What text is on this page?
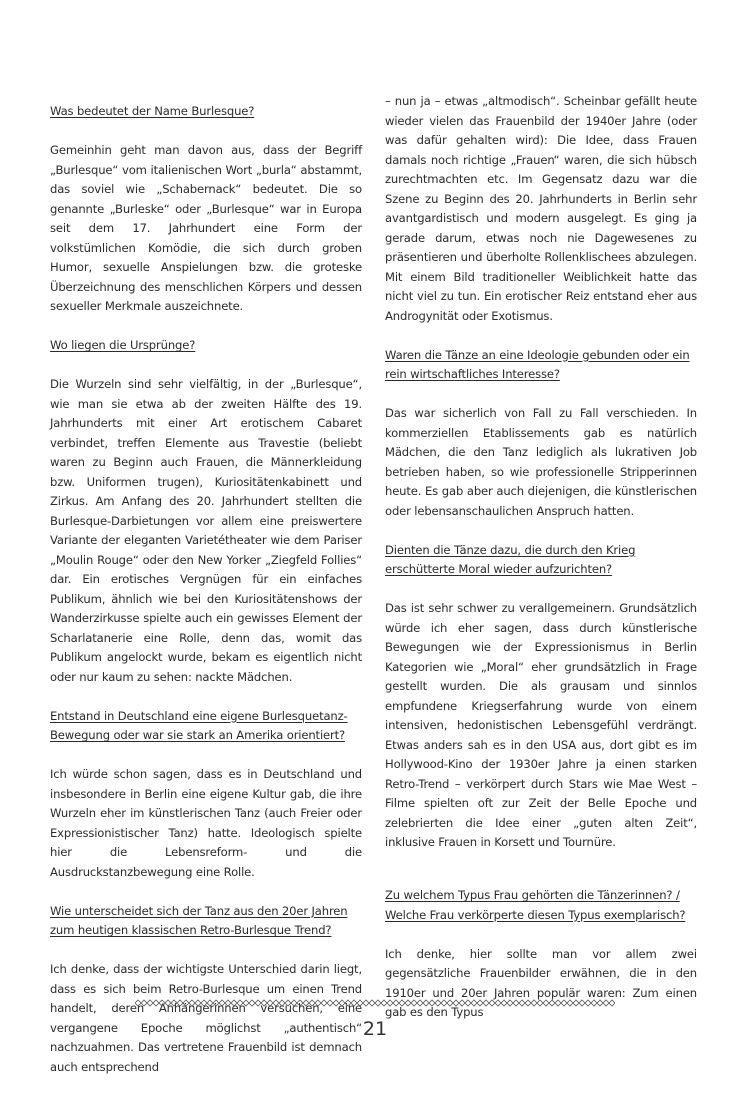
Was bedeutet der Name Burlesque?
Gemeinhin geht man davon aus, dass der Begriff „Burlesque“ vom italienischen Wort „burla“ abstammt, das soviel wie „Schabernack“ bedeutet. Die so genannte „Burleske“ oder „Burlesque“ war in Europa seit dem 17. Jahrhundert eine Form der volkstümlichen Komödie, die sich durch groben Humor, sexuelle Anspielungen bzw. die groteske Überzeichnung des menschlichen Körpers und dessen sexueller Merkmale auszeichnete.
Wo liegen die Ursprünge?
Die Wurzeln sind sehr vielfältig, in der „Burlesque“, wie man sie etwa ab der zweiten Hälfte des 19. Jahrhunderts mit einer Art erotischem Cabaret verbindet, treffen Elemente aus Travestie (beliebt waren zu Beginn auch Frauen, die Männerkleidung bzw. Uniformen trugen), Kuriositätenkabinett und Zirkus. Am Anfang des 20. Jahrhundert stellten die Burlesque-Darbietungen vor allem eine preiswertere Variante der eleganten Varietétheater wie dem Pariser „Moulin Rouge“ oder den New Yorker „Ziegfeld Follies“ dar. Ein erotisches Vergnügen für ein einfaches Publikum, ähnlich wie bei den Kuriositätenshows der Wanderzirkusse spielte auch ein gewisses Element der Scharlatanerie eine Rolle, denn das, womit das Publikum angelockt wurde, bekam es eigentlich nicht oder nur kaum zu sehen: nackte Mädchen.
Entstand in Deutschland eine eigene Burlesquetanz-Bewegung oder war sie stark an Amerika orientiert?
Ich würde schon sagen, dass es in Deutschland und insbesondere in Berlin eine eigene Kultur gab, die ihre Wurzeln eher im künstlerischen Tanz (auch Freier oder Expressionistischer Tanz) hatte. Ideologisch spielte hier die Lebensreform- und die Ausdruckstanzbewegung eine Rolle.
Wie unterscheidet sich der Tanz aus den 20er Jahren zum heutigen klassischen Retro-Burlesque Trend?
Ich denke, dass der wichtigste Unterschied darin liegt, dass es sich beim Retro-Burlesque um einen Trend handelt, deren Anhängerinnen versuchen, eine vergangene Epoche möglichst „authentisch“ nachzuahmen. Das vertretene Frauenbild ist demnach auch entsprechend
– nun ja – etwas „altmodisch“. Scheinbar gefällt heute wieder vielen das Frauenbild der 1940er Jahre (oder was dafür gehalten wird): Die Idee, dass Frauen damals noch richtige „Frauen“ waren, die sich hübsch zurechtmachten etc. Im Gegensatz dazu war die Szene zu Beginn des 20. Jahrhunderts in Berlin sehr avantgardistisch und modern ausgelegt. Es ging ja gerade darum, etwas noch nie Dagewesenes zu präsentieren und überholte Rollenklischees abzulegen. Mit einem Bild traditioneller Weiblichkeit hatte das nicht viel zu tun. Ein erotischer Reiz entstand eher aus Androgynität oder Exotismus.
Waren die Tänze an eine Ideologie gebunden oder ein rein wirtschaftliches Interesse?
Das war sicherlich von Fall zu Fall verschieden. In kommerziellen Etablissements gab es natürlich Mädchen, die den Tanz lediglich als lukrativen Job betrieben haben, so wie professionelle Stripperinnen heute. Es gab aber auch diejenigen, die künstlerischen oder lebensanschaulichen Anspruch hatten.
Dienten die Tänze dazu, die durch den Krieg erschütterte Moral wieder aufzurichten?
Das ist sehr schwer zu verallgemeinern. Grundsätzlich würde ich eher sagen, dass durch künstlerische Bewegungen wie der Expressionismus in Berlin Kategorien wie „Moral“ eher grundsätzlich in Frage gestellt wurden. Die als grausam und sinnlos empfundene Kriegserfahrung wurde von einem intensiven, hedonistischen Lebensgefühl verdrängt. Etwas anders sah es in den USA aus, dort gibt es im Hollywood-Kino der 1930er Jahre ja einen starken Retro-Trend – verkörpert durch Stars wie Mae West – Filme spielten oft zur Zeit der Belle Epoche und zelebrierten die Idee einer „guten alten Zeit“, inklusive Frauen in Korsett und Tournüre.
Zu welchem Typus Frau gehörten die Tänzerinnen? / Welche Frau verkörperte diesen Typus exemplarisch?
Ich denke, hier sollte man vor allem zwei gegensätzliche Frauenbilder erwähnen, die in den 1910er und 20er Jahren populär waren: Zum einen gab es den Typus
21
